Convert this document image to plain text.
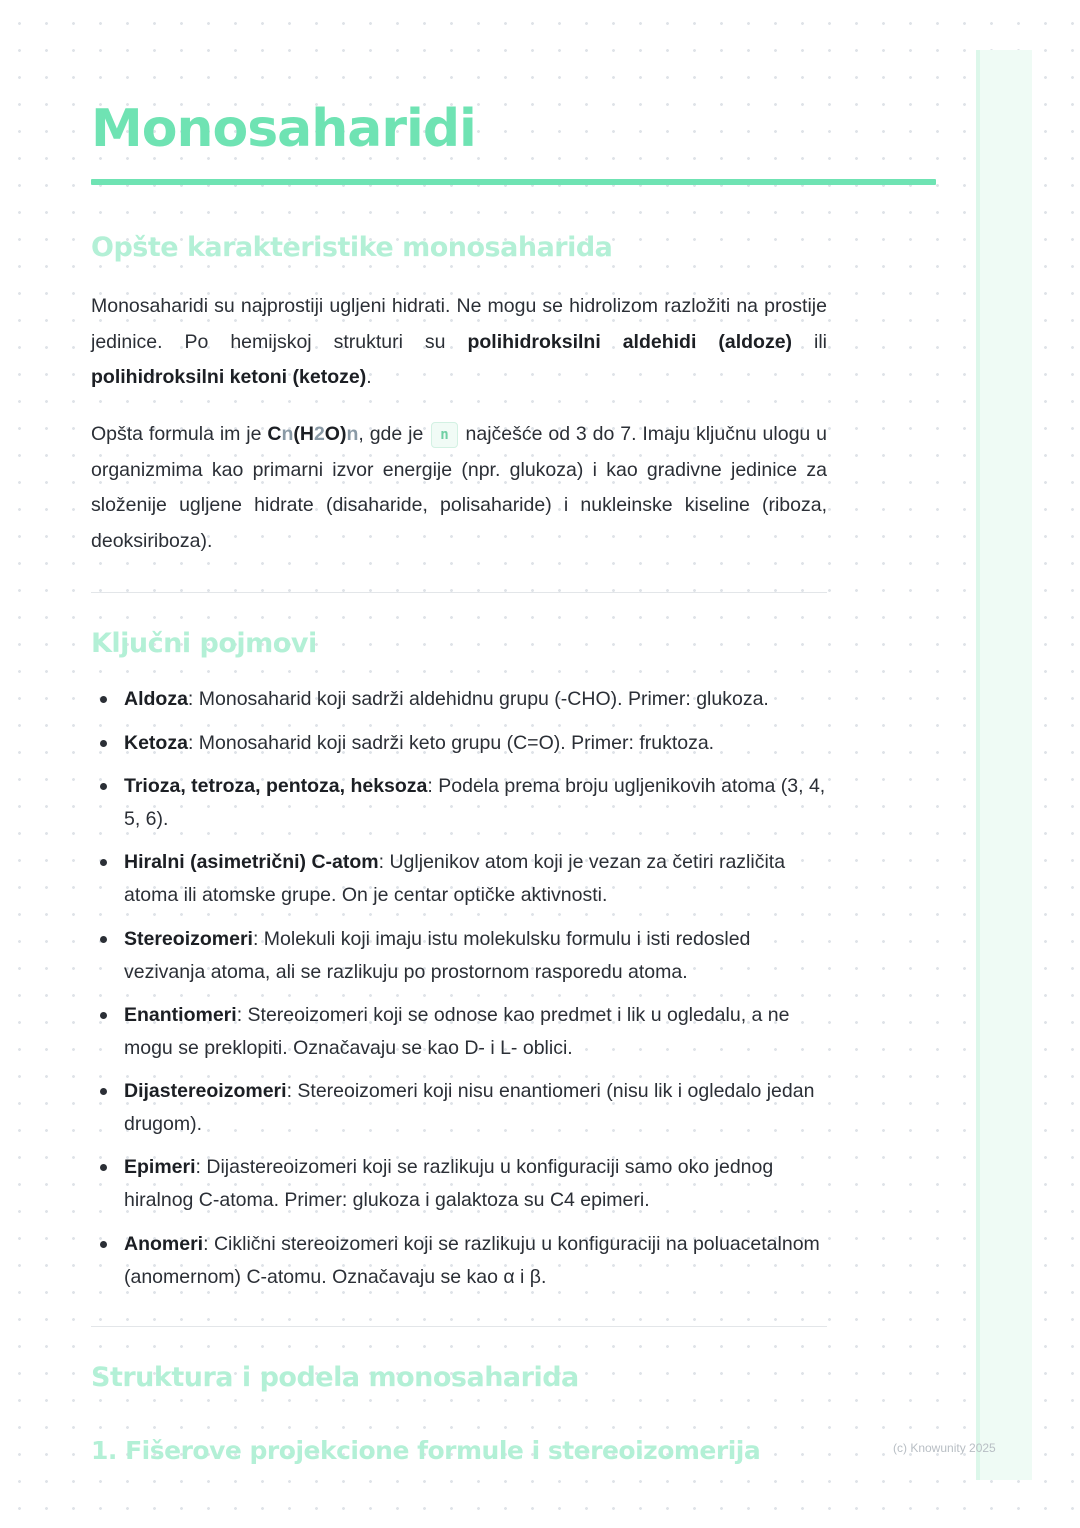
Monosaharidi
Opšte karakteristike monosaharida

Monosaharidi su najprostiji ugljeni hidrati. Ne mogu se hidrolizom razložiti na prostije jedinice. Po hemijskoj strukturi su polihidroksilni aldehidi (aldoze) ili polihidroksilni ketoni (ketoze).

Opšta formula im je Cn(H2O)n, gde je n najčešće od 3 do 7. Imaju ključnu ulogu u organizmima kao primarni izvor energije (npr. glukoza) i kao gradivne jedinice za složenije ugljene hidrate (disaharide, polisaharide) i nukleinske kiseline (riboza, deoksiriboza).

Ključni pojmovi
Aldoza: Monosaharid koji sadrži aldehidnu grupu (-CHO). Primer: glukoza.
Ketoza: Monosaharid koji sadrži keto grupu (C=O). Primer: fruktoza.
Trioza, tetroza, pentoza, heksoza: Podela prema broju ugljenikovih atoma (3, 4, 5, 6).
Hiralni (asimetrični) C-atom: Ugljenikov atom koji je vezan za četiri različita atoma ili atomske grupe. On je centar optičke aktivnosti.
Stereoizomeri: Molekuli koji imaju istu molekulsku formulu i isti redosled vezivanja atoma, ali se razlikuju po prostornom rasporedu atoma.
Enantiomeri: Stereoizomeri koji se odnose kao predmet i lik u ogledalu, a ne mogu se preklopiti. Označavaju se kao D- i L- oblici.
Dijastereoizomeri: Stereoizomeri koji nisu enantiomeri (nisu lik i ogledalo jedan drugom).
Epimeri: Dijastereoizomeri koji se razlikuju u konfiguraciji samo oko jednog hiralnog C-atoma. Primer: glukoza i galaktoza su C4 epimeri.
Anomeri: Ciklični stereoizomeri koji se razlikuju u konfiguraciji na poluacetalnom (anomernom) C-atomu. Označavaju se kao α i β.
Struktura i podela monosaharida
1. Fišerove projekcione formule i stereoizomerija	(c) Knowunity 2025
